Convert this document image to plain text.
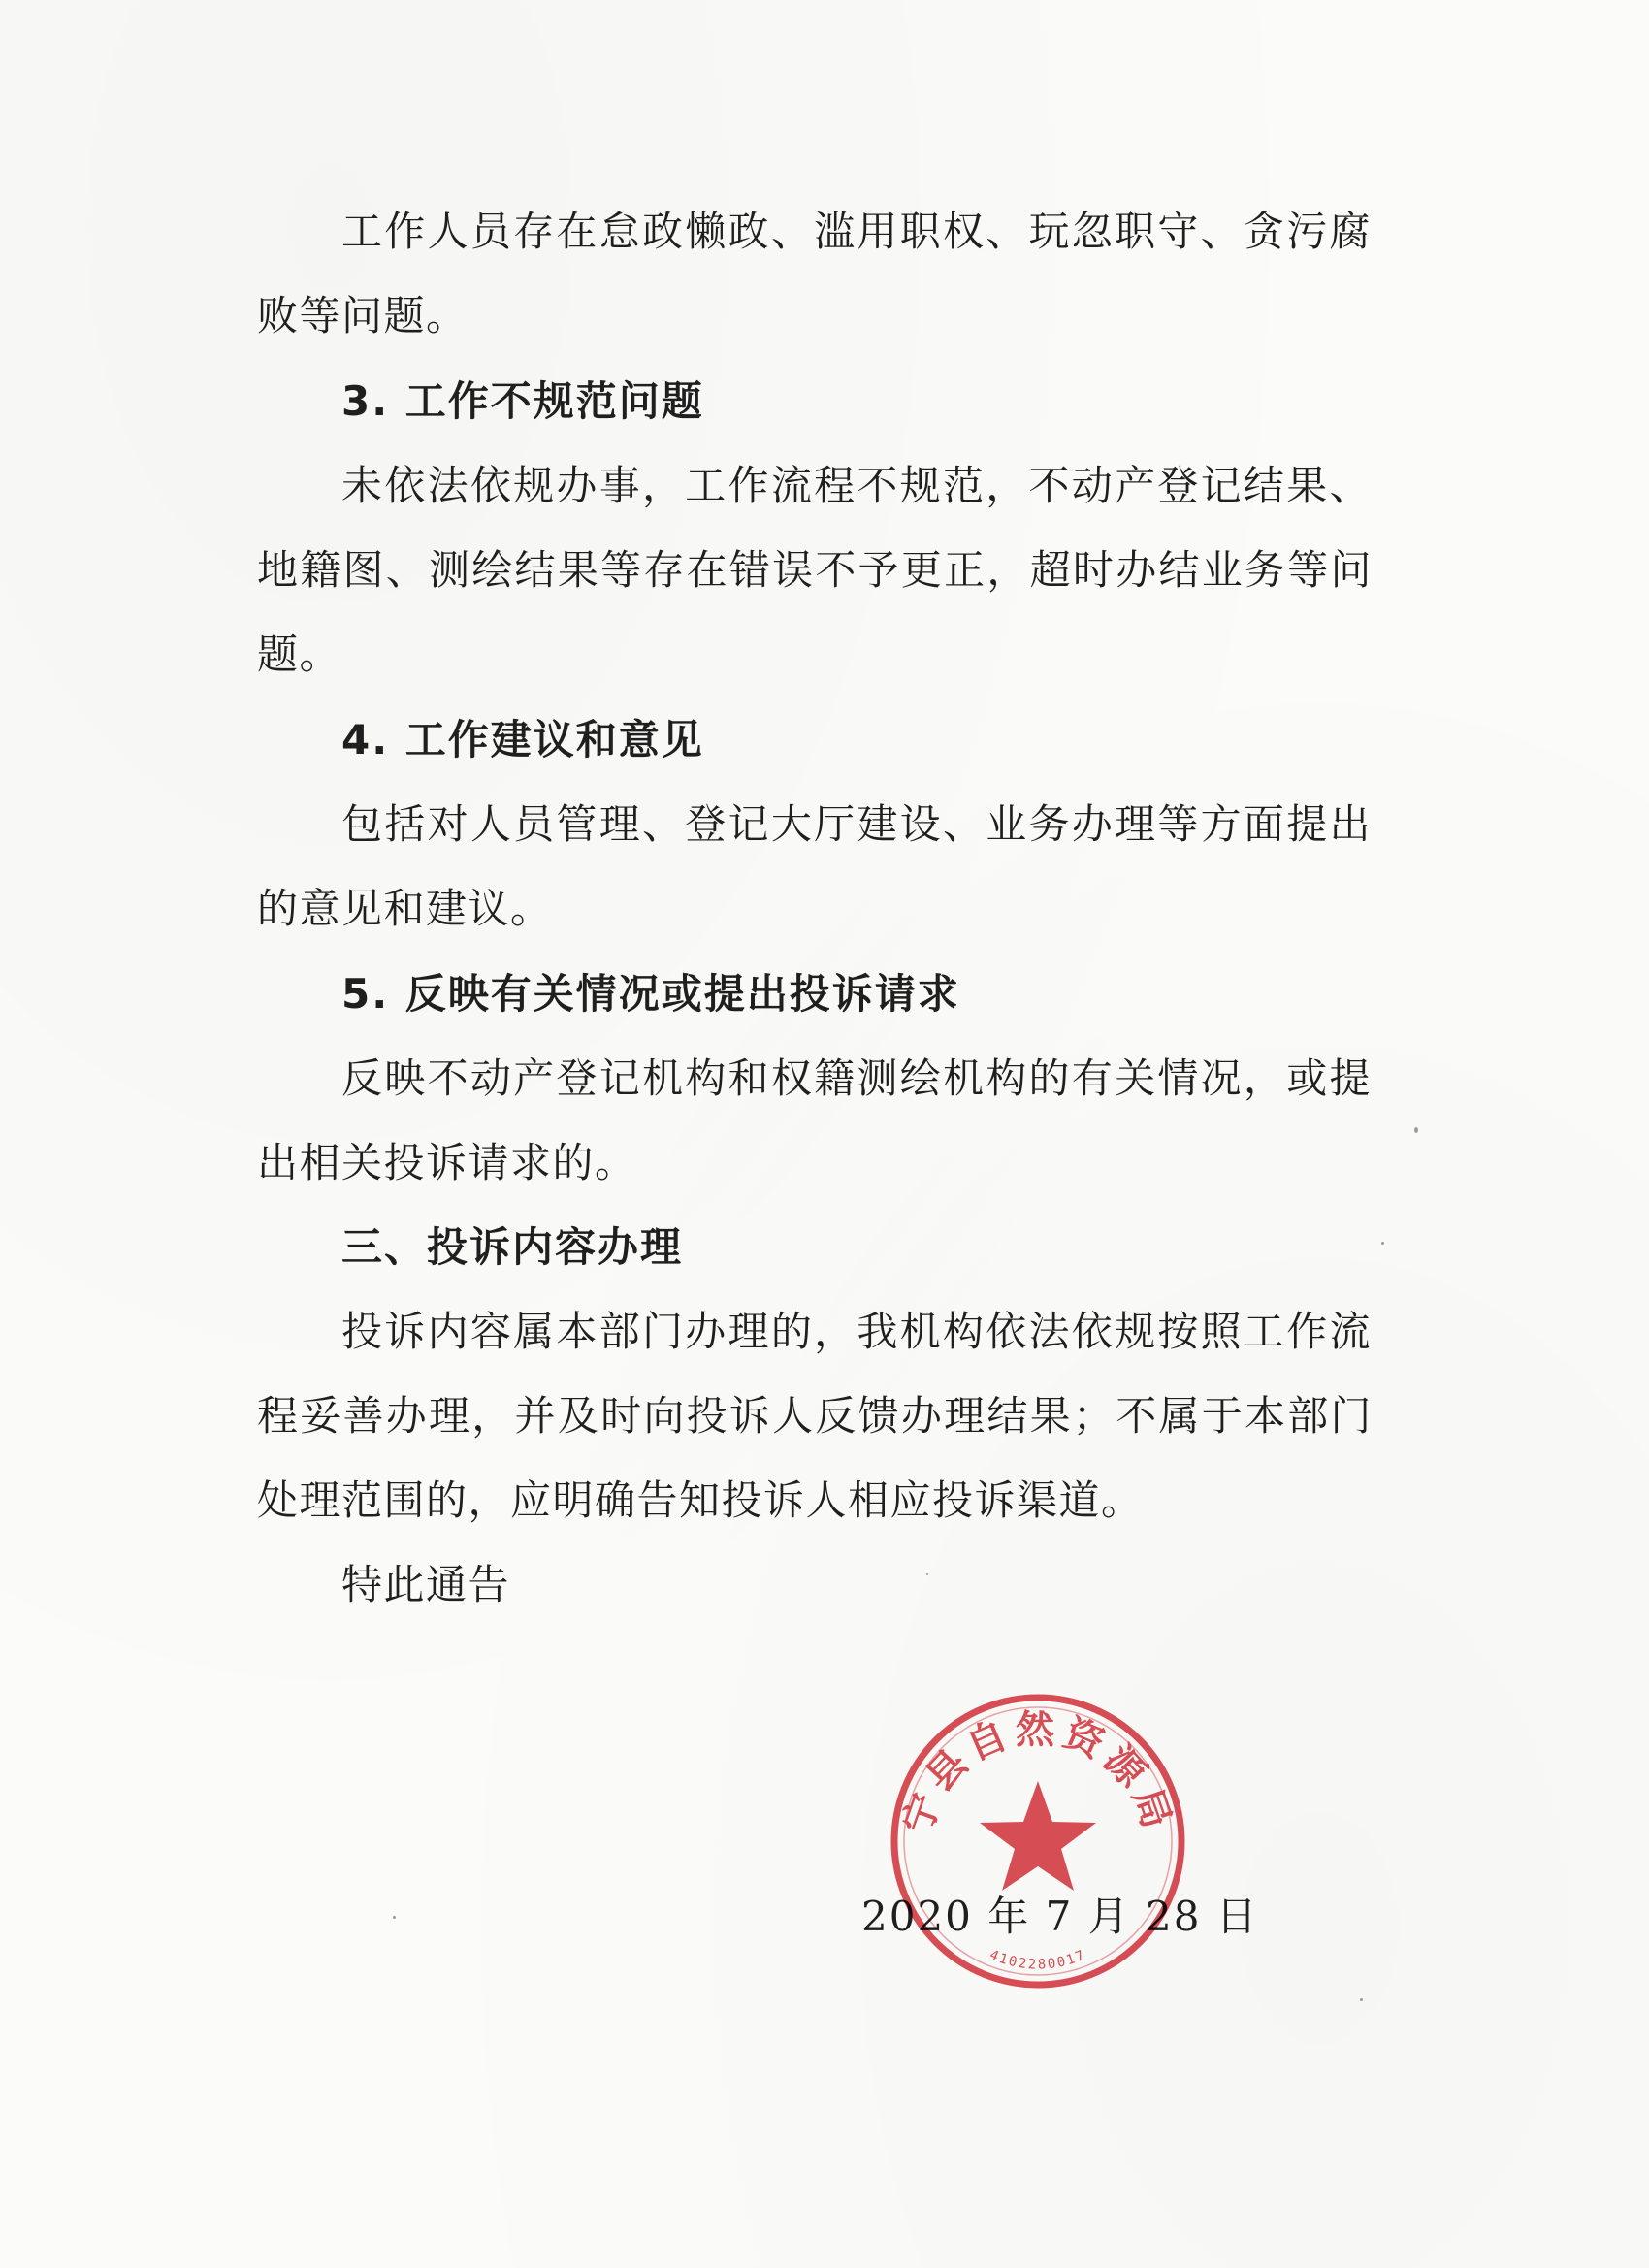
工作人员存在怠政懒政、滥用职权、玩忽职守、贪污腐
败等问题。
3. 工作不规范问题
未依法依规办事，工作流程不规范，不动产登记结果、
地籍图、测绘结果等存在错误不予更正，超时办结业务等问
题。
4. 工作建议和意见
包括对人员管理、登记大厅建设、业务办理等方面提出
的意见和建议。
5. 反映有关情况或提出投诉请求
反映不动产登记机构和权籍测绘机构的有关情况，或提
出相关投诉请求的。
三、投诉内容办理
投诉内容属本部门办理的，我机构依法依规按照工作流
程妥善办理，并及时向投诉人反馈办理结果；不属于本部门
处理范围的，应明确告知投诉人相应投诉渠道。
特此通告
2020 年 7 月 28 日
宁县自然资源局
4102280017
